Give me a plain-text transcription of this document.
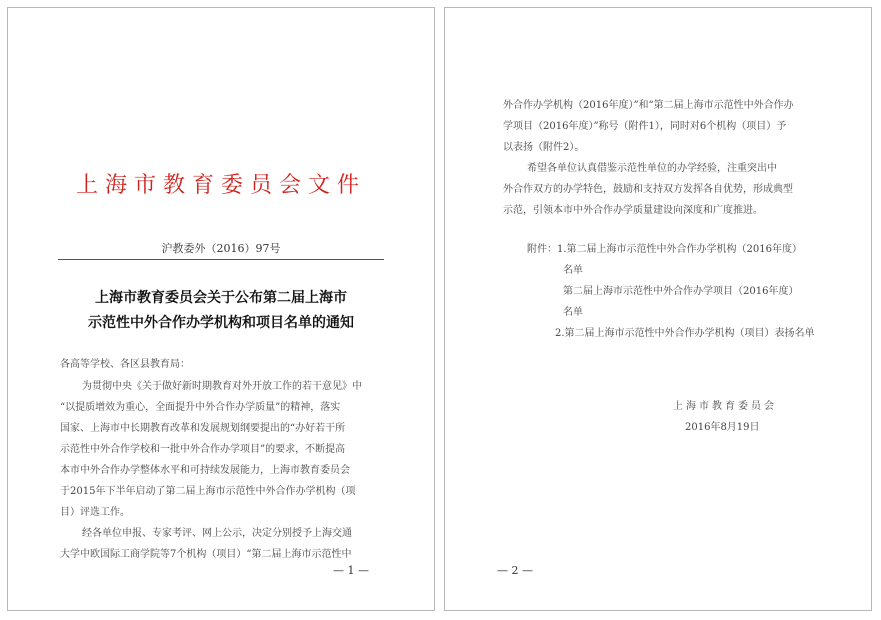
上海市教育委员会文件
沪教委外（2016）97号
上海市教育委员会关于公布第二届上海市
示范性中外合作办学机构和项目名单的通知
各高等学校、各区县教育局：
为贯彻中央《关于做好新时期教育对外开放工作的若干意见》中
“以提质增效为重心，全面提升中外合作办学质量”的精神，落实
国家、上海市中长期教育改革和发展规划纲要提出的“办好若干所
示范性中外合作学校和一批中外合作办学项目”的要求，不断提高
本市中外合作办学整体水平和可持续发展能力，上海市教育委员会
于2015年下半年启动了第二届上海市示范性中外合作办学机构（项
目）评选工作。
经各单位申报、专家考评、网上公示，决定分别授予上海交通
大学中欧国际工商学院等7个机构（项目）“第二届上海市示范性中
— 1 —
外合作办学机构（2016年度）”和“第二届上海市示范性中外合作办
学项目（2016年度）”称号（附件1），同时对6个机构（项目）予
以表扬（附件2）。
希望各单位认真借鉴示范性单位的办学经验，注重突出中
外合作双方的办学特色，鼓励和支持双方发挥各自优势，形成典型
示范，引领本市中外合作办学质量建设向深度和广度推进。
附件：1.第二届上海市示范性中外合作办学机构（2016年度）
名单
第二届上海市示范性中外合作办学项目（2016年度）
名单
2.第二届上海市示范性中外合作办学机构（项目）表扬名单
上海市教育委员会
2016年8月19日
— 2 —
